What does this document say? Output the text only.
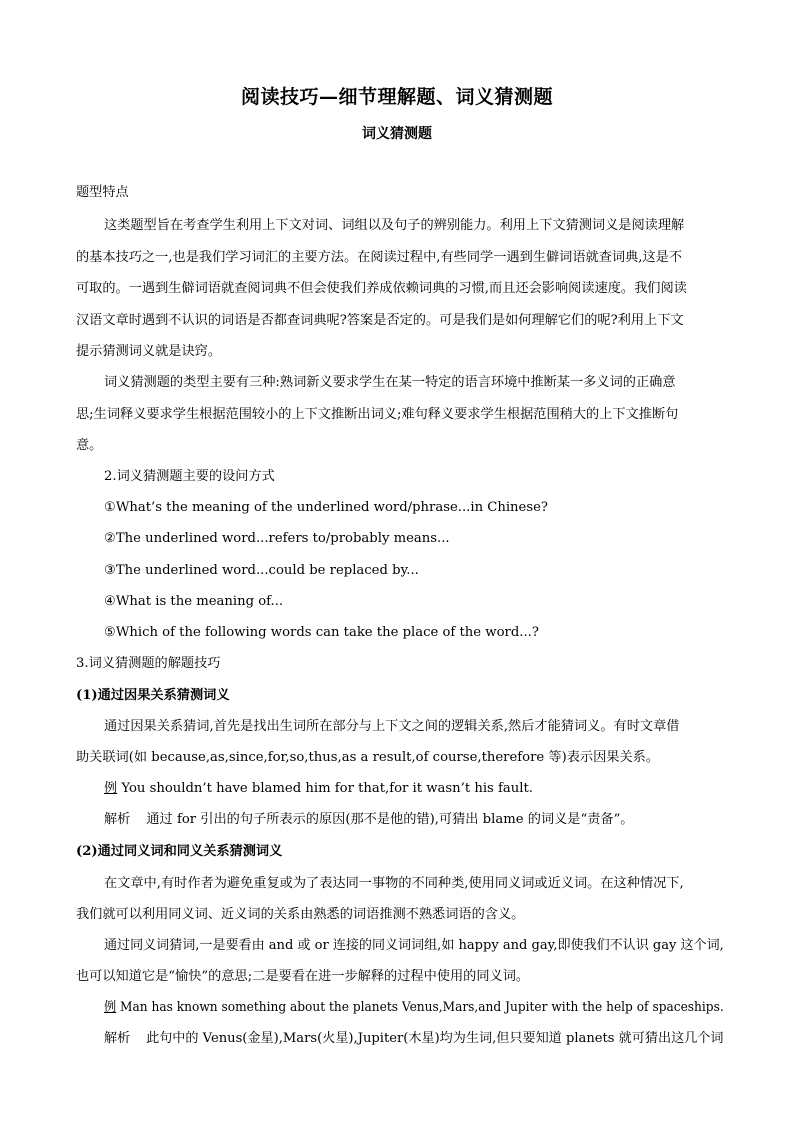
阅读技巧—细节理解题、词义猜测题
词义猜测题
题型特点
这类题型旨在考查学生利用上下文对词、词组以及句子的辨别能力。利用上下文猜测词义是阅读理解
的基本技巧之一,也是我们学习词汇的主要方法。在阅读过程中,有些同学一遇到生僻词语就查词典,这是不
可取的。一遇到生僻词语就查阅词典不但会使我们养成依赖词典的习惯,而且还会影响阅读速度。我们阅读
汉语文章时遇到不认识的词语是否都查词典呢?答案是否定的。可是我们是如何理解它们的呢?利用上下文
提示猜测词义就是诀窍。
词义猜测题的类型主要有三种:熟词新义要求学生在某一特定的语言环境中推断某一多义词的正确意
思;生词释义要求学生根据范围较小的上下文推断出词义;难句释义要求学生根据范围稍大的上下文推断句
意。
2.词义猜测题主要的设问方式
①What’s the meaning of the underlined word/phrase...in Chinese?
②The underlined word...refers to/probably means...
③The underlined word...could be replaced by...
④What is the meaning of...
⑤Which of the following words can take the place of the word...?
3.词义猜测题的解题技巧
(1)通过因果关系猜测词义
通过因果关系猜词,首先是找出生词所在部分与上下文之间的逻辑关系,然后才能猜词义。有时文章借
助关联词(如 because,as,since,for,so,thus,as a result,of course,therefore 等)表示因果关系。
例 You shouldn’t have blamed him for that,for it wasn’t his fault.
解析 通过 for 引出的句子所表示的原因(那不是他的错),可猜出 blame 的词义是“责备”。
(2)通过同义词和同义关系猜测词义
在文章中,有时作者为避免重复或为了表达同一事物的不同种类,使用同义词或近义词。在这种情况下,
我们就可以利用同义词、近义词的关系由熟悉的词语推测不熟悉词语的含义。
通过同义词猜词,一是要看由 and 或 or 连接的同义词词组,如 happy and gay,即使我们不认识 gay 这个词,
也可以知道它是“愉快”的意思;二是要看在进一步解释的过程中使用的同义词。
例 Man has known something about the planets Venus,Mars,and Jupiter with the help of spaceships.
解析 此句中的 Venus(金星),Mars(火星),Jupiter(木星)均为生词,但只要知道 planets 就可猜出这几个词
